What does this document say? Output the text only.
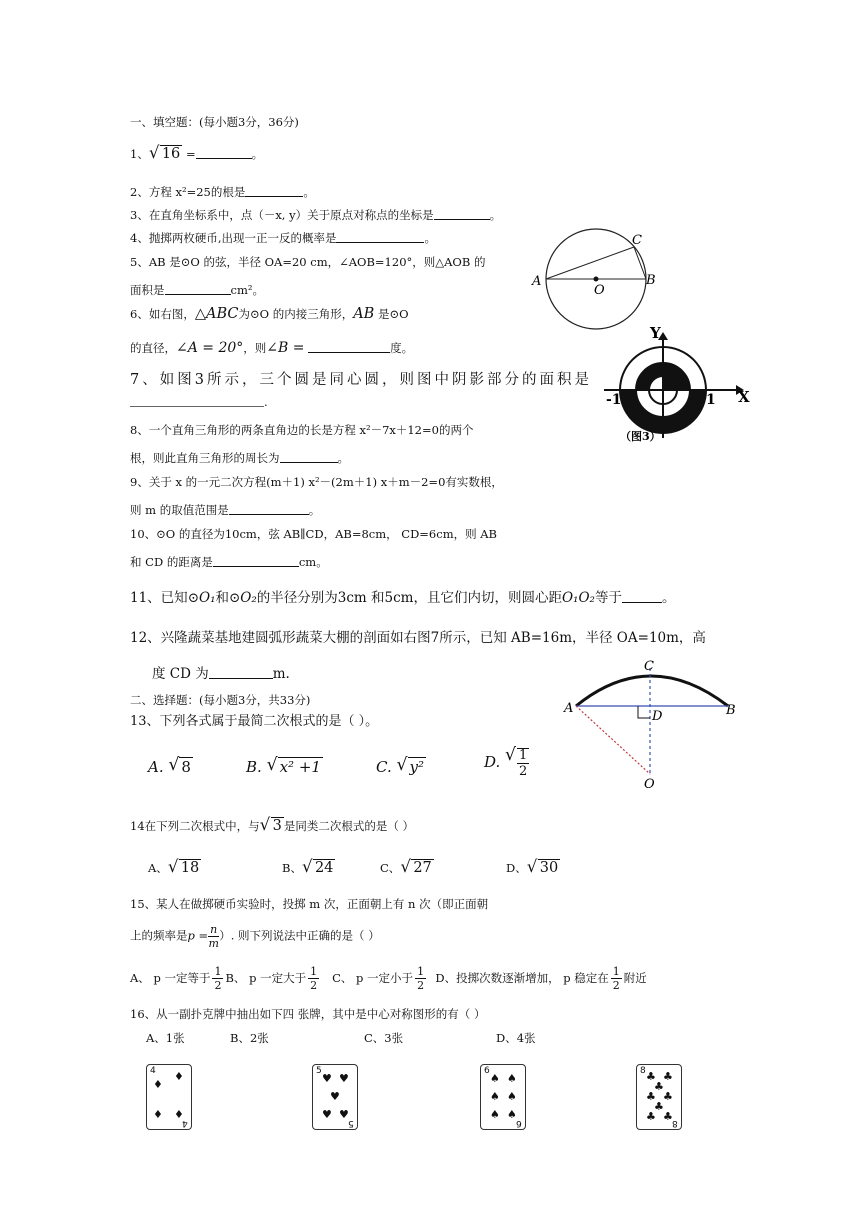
一、填空题：(每小题3分，36分)
1、 √ 16 =	。
2、方程 x²=25的根是	。
3、在直角坐标系中，点（－x, y）关于原点对称点的坐标是	。
4、抛掷两枚硬币,出现一正一反的概率是	。
5、AB 是⊙O 的弦，半径 OA=20 cm，∠AOB=120°，则△AOB 的
面积是	cm²。
6、如右图，△ABC为⊙O 的内接三角形，AB 是⊙O
的直径，∠A = 20°，则∠B =	度。
7、如图3所示，三个圆是同心圆，则图中阴影部分的面积是
.
8、一个直角三角形的两条直角边的长是方程 x²－7x＋12=0的两个
根，则此直角三角形的周长为	。
9、关于 x 的一元二次方程(m＋1) x²－(2m＋1) x＋m－2=0有实数根，
则 m 的取值范围是	。
10、⊙O 的直径为10cm，弦 AB∥CD，AB=8cm， CD=6cm，则 AB
和 CD 的距离是	cm。
11、已知⊙O₁和⊙O₂的半径分别为3cm 和5cm，且它们内切，则圆心距O₁O₂等于	。
12、兴隆蔬菜基地建圆弧形蔬菜大棚的剖面如右图7所示，已知 AB=16m，半径 OA=10m，高
度 CD 为	m.
二、选择题：(每小题3分，共33分)
13、下列各式属于最简二次根式的是（ ）。
A. √ 8	B. √ x² +1	C. √ y²	D. √ $\frac{1}{2}$
14在下列二次根式中，与 √ 3 是同类二次根式的是（ ）
A、 √ 18	B、 √ 24	C、 √ 27	D、 √ 30
15、某人在做掷硬币实验时，投掷 m 次，正面朝上有 n 次（即正面朝
上的频率是$p = \frac{n}{m}$ ）. 则下列说法中正确的是（ ）
A、 p 一定等于 $\frac{1}{2}$ B、 p 一定大于 $\frac{1}{2}$ C、 p 一定小于 $\frac{1}{2}$ D、投掷次数逐渐增加， p 稳定在 $\frac{1}{2}$ 附近
16、从一副扑克牌中抽出如下四 张牌，其中是中心对称图形的有（ ）
A、1张	B、2张	C、3张	D、4张
4
4
♦
♦
♦ ♦
5
5
♥ ♥
♥
♥ ♥
6
6
♠ ♠
♠ ♠
♠ ♠
8
8
♣ ♣
♣
♣ ♣
♣
♣ ♣
A	B
C
O
Y
X
-1	1
（图3）
A	B
C
D
O
